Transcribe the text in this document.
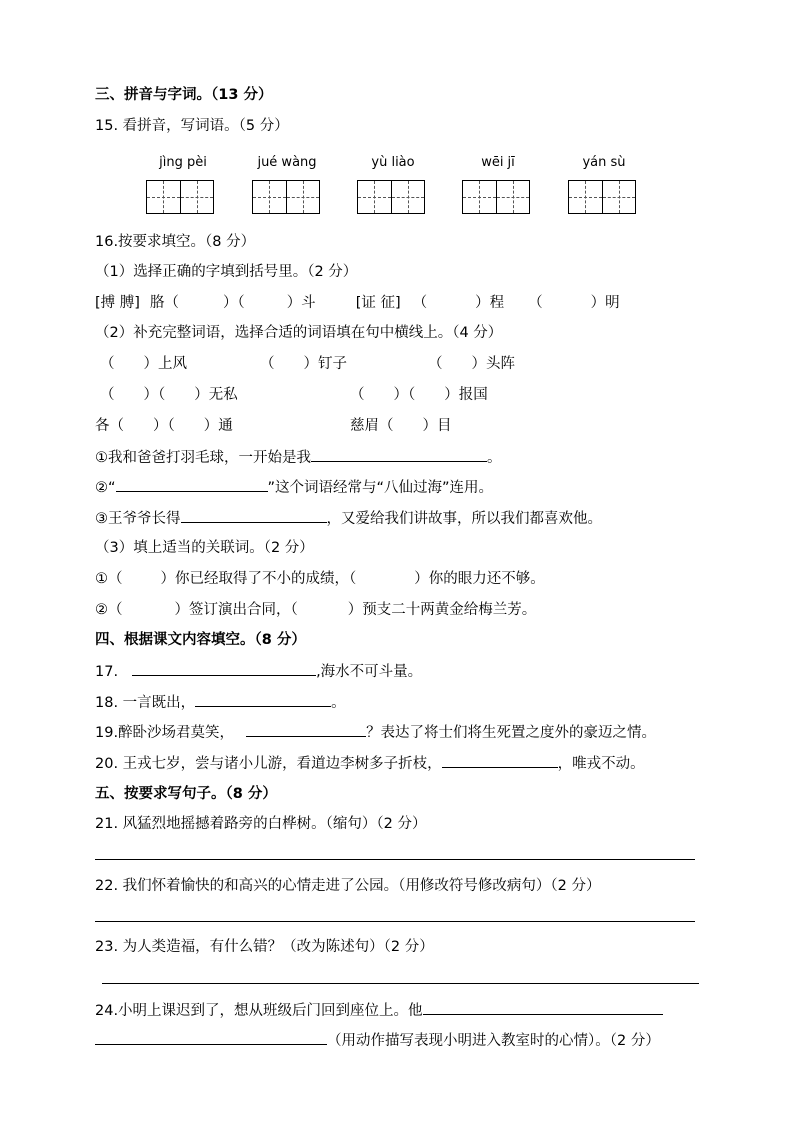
三、拼音与字词。（13 分）
15. 看拼音，写词语。（5 分）
jìng pèi	jué wàng	yù liào	wēi jī	yán sù
16.按要求填空。（8 分）
（1）选择正确的字填到括号里。（2 分）
[搏 膊] 胳（	）（	）斗	[证 征] （	）程 （	）明
（2）补充完整词语，选择合适的词语填在句中横线上。（4 分）
（　　）上风	（　　）钉子	（　　）头阵
（　　）（　　）无私	（　　）（　　）报国
各（　　）（　　）通	慈眉（　　）目
①我和爸爸打羽毛球，一开始是我	。
②“	”这个词语经常与“八仙过海”连用。
③王爷爷长得	，又爱给我们讲故事，所以我们都喜欢他。
（3）填上适当的关联词。（2 分）
①（	）你已经取得了不小的成绩，（	）你的眼力还不够。
②（	）签订演出合同，（	）预支二十两黄金给梅兰芳。
四、根据课文内容填空。（8 分）
17.	,海水不可斗量。
18. 一言既出，	。
19.醉卧沙场君莫笑，	？表达了将士们将生死置之度外的豪迈之情。
20. 王戎七岁，尝与诸小儿游，看道边李树多子折枝，	，唯戎不动。
五、按要求写句子。（8 分）
21. 风猛烈地摇撼着路旁的白桦树。（缩句）（2 分）
22. 我们怀着愉快的和高兴的心情走进了公园。（用修改符号修改病句）（2 分）
23. 为人类造福，有什么错？（改为陈述句）（2 分）
24.小明上课迟到了，想从班级后门回到座位上。他
（用动作描写表现小明进入教室时的心情）。（2 分）
